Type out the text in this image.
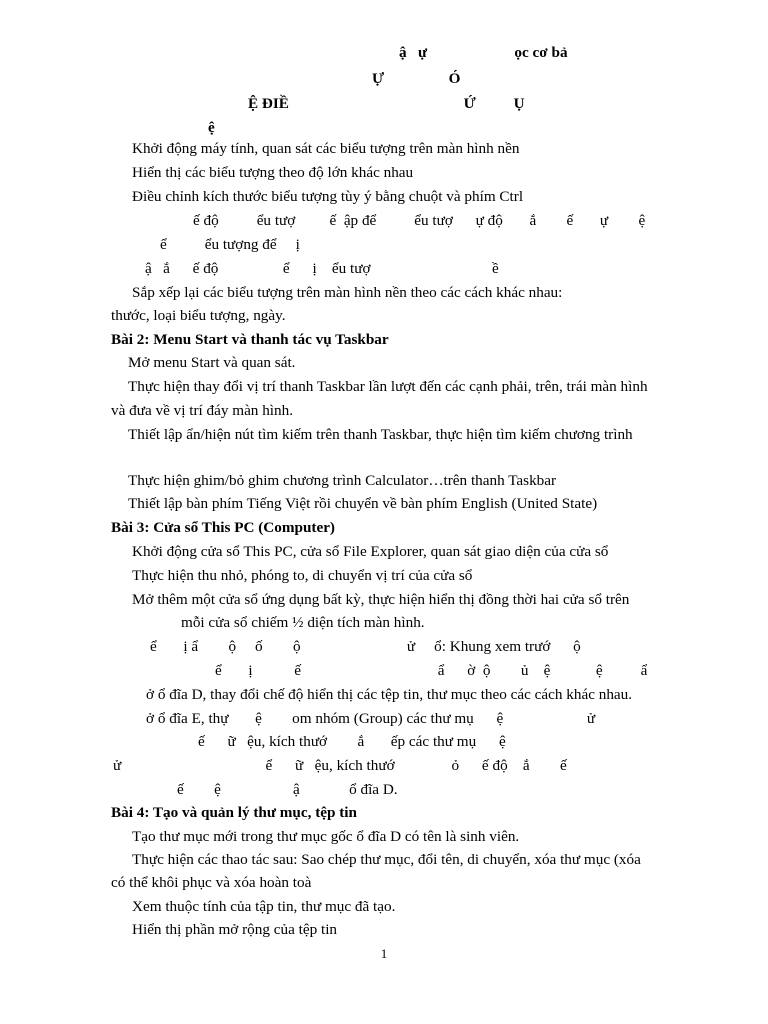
ậ   ự                       ọc cơ bả
Ự                 Ó
Ệ ĐIỀ                                              Ứ          Ụ
ệ
Khởi động máy tính, quan sát các biểu tượng trên màn hình nền
Hiển thị các biểu tượng theo độ lớn khác nhau
Điều chỉnh kích thước biểu tượng tùy ý bằng chuột và phím Ctrl
ế độ          ểu tượ         ế  ập để          ểu tượ      ự độ       ắ        ế       ự        ệ
ể          ểu tượng để     ị
ậ   ắ      ế độ                 ể      ị    ểu tượ                                ề
Sắp xếp lại các biểu tượng trên màn hình nền theo các cách khác nhau:
thước, loại biểu tượng, ngày.
Bài 2: Menu Start và thanh tác vụ Taskbar
Mở menu Start và quan sát.
Thực hiện thay đổi vị trí thanh Taskbar lần lượt đến các cạnh phải, trên, trái màn hình
và đưa về vị trí đáy màn hình.
Thiết lập ẩn/hiện nút tìm kiếm trên thanh Taskbar, thực hiện tìm kiếm chương trình
Thực hiện ghim/bỏ ghim chương trình Calculator…trên thanh Taskbar
Thiết lập bàn phím Tiếng Việt rồi chuyển về bàn phím English (United State)
Bài 3: Cửa sổ This PC (Computer)
Khởi động cửa sổ This PC, cửa sổ File Explorer, quan sát giao diện của cửa sổ
Thực hiện thu nhỏ, phóng to, di chuyển vị trí của cửa sổ
Mở thêm một cửa sổ ứng dụng bất kỳ, thực hiện hiển thị đồng thời hai cửa sổ trên
mỗi cửa sổ chiếm ½ diện tích màn hình.
ể       ị ẩ        ộ     ố        ộ                            ử     ổ: Khung xem trướ      ộ
ể       ị           ế                                    ẩ      ờ  ộ        ủ    ệ            ệ          ẩ
ở ổ đĩa D, thay đổi chế độ hiển thị các tệp tin, thư mục theo các cách khác nhau.
ở ổ đĩa E, thự       ệ        om nhóm (Group) các thư mụ      ệ                      ử
ế      ữ   ệu, kích thướ        ắ       ếp các thư mụ      ệ
ử                                      ể      ữ   ệu, kích thướ               ỏ      ế độ    ắ        ế
ế        ệ                   ậ             ổ đĩa D.
Bài 4: Tạo và quản lý thư mục, tệp tin
Tạo thư mục mới trong thư mục gốc ổ đĩa D có tên là sinh viên.
Thực hiện các thao tác sau: Sao chép thư mục, đổi tên, di chuyển, xóa thư mục (xóa
có thể khôi phục và xóa hoàn toà
Xem thuộc tính của tập tin, thư mục đã tạo.
Hiển thị phần mở rộng của tệp tin
1
